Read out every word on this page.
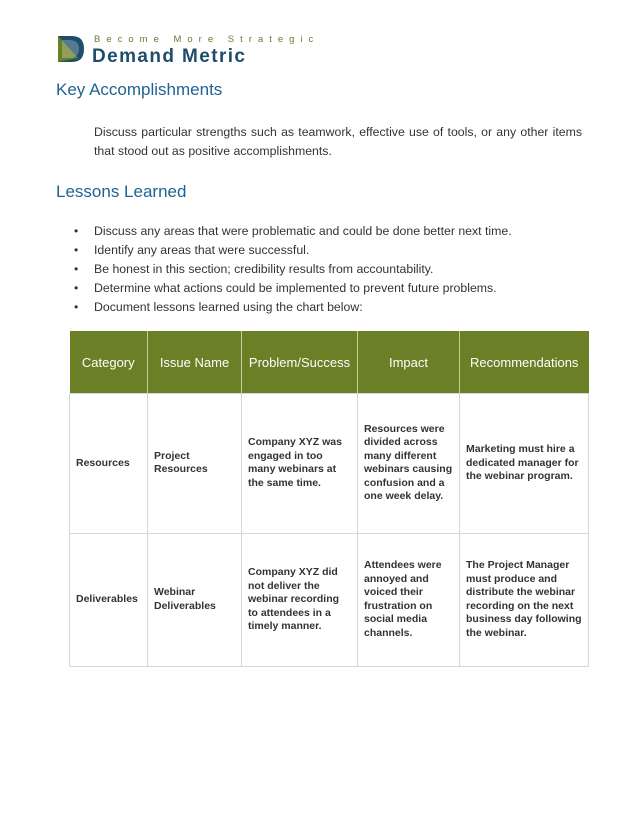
Become More Strategic
Demand Metric
Key Accomplishments

Discuss particular strengths such as teamwork, effective use of tools, or any other items that stood out as positive accomplishments.

Lessons Learned
• Discuss any areas that were problematic and could be done better next time.
• Identify any areas that were successful.
• Be honest in this section; credibility results from accountability.
• Determine what actions could be implemented to prevent future problems.
• Document lessons learned using the chart below:
Category	Issue Name	Problem/Success	Impact	Recommendations
Resources	Project Resources	Company XYZ was engaged in too many webinars at the same time.	Resources were divided across many different webinars causing confusion and a one week delay.	Marketing must hire a dedicated manager for the webinar program.
Deliverables	Webinar Deliverables	Company XYZ did not deliver the webinar recording to attendees in a timely manner.	Attendees were annoyed and voiced their frustration on social media channels.	The Project Manager must produce and distribute the webinar recording on the next business day following the webinar.
